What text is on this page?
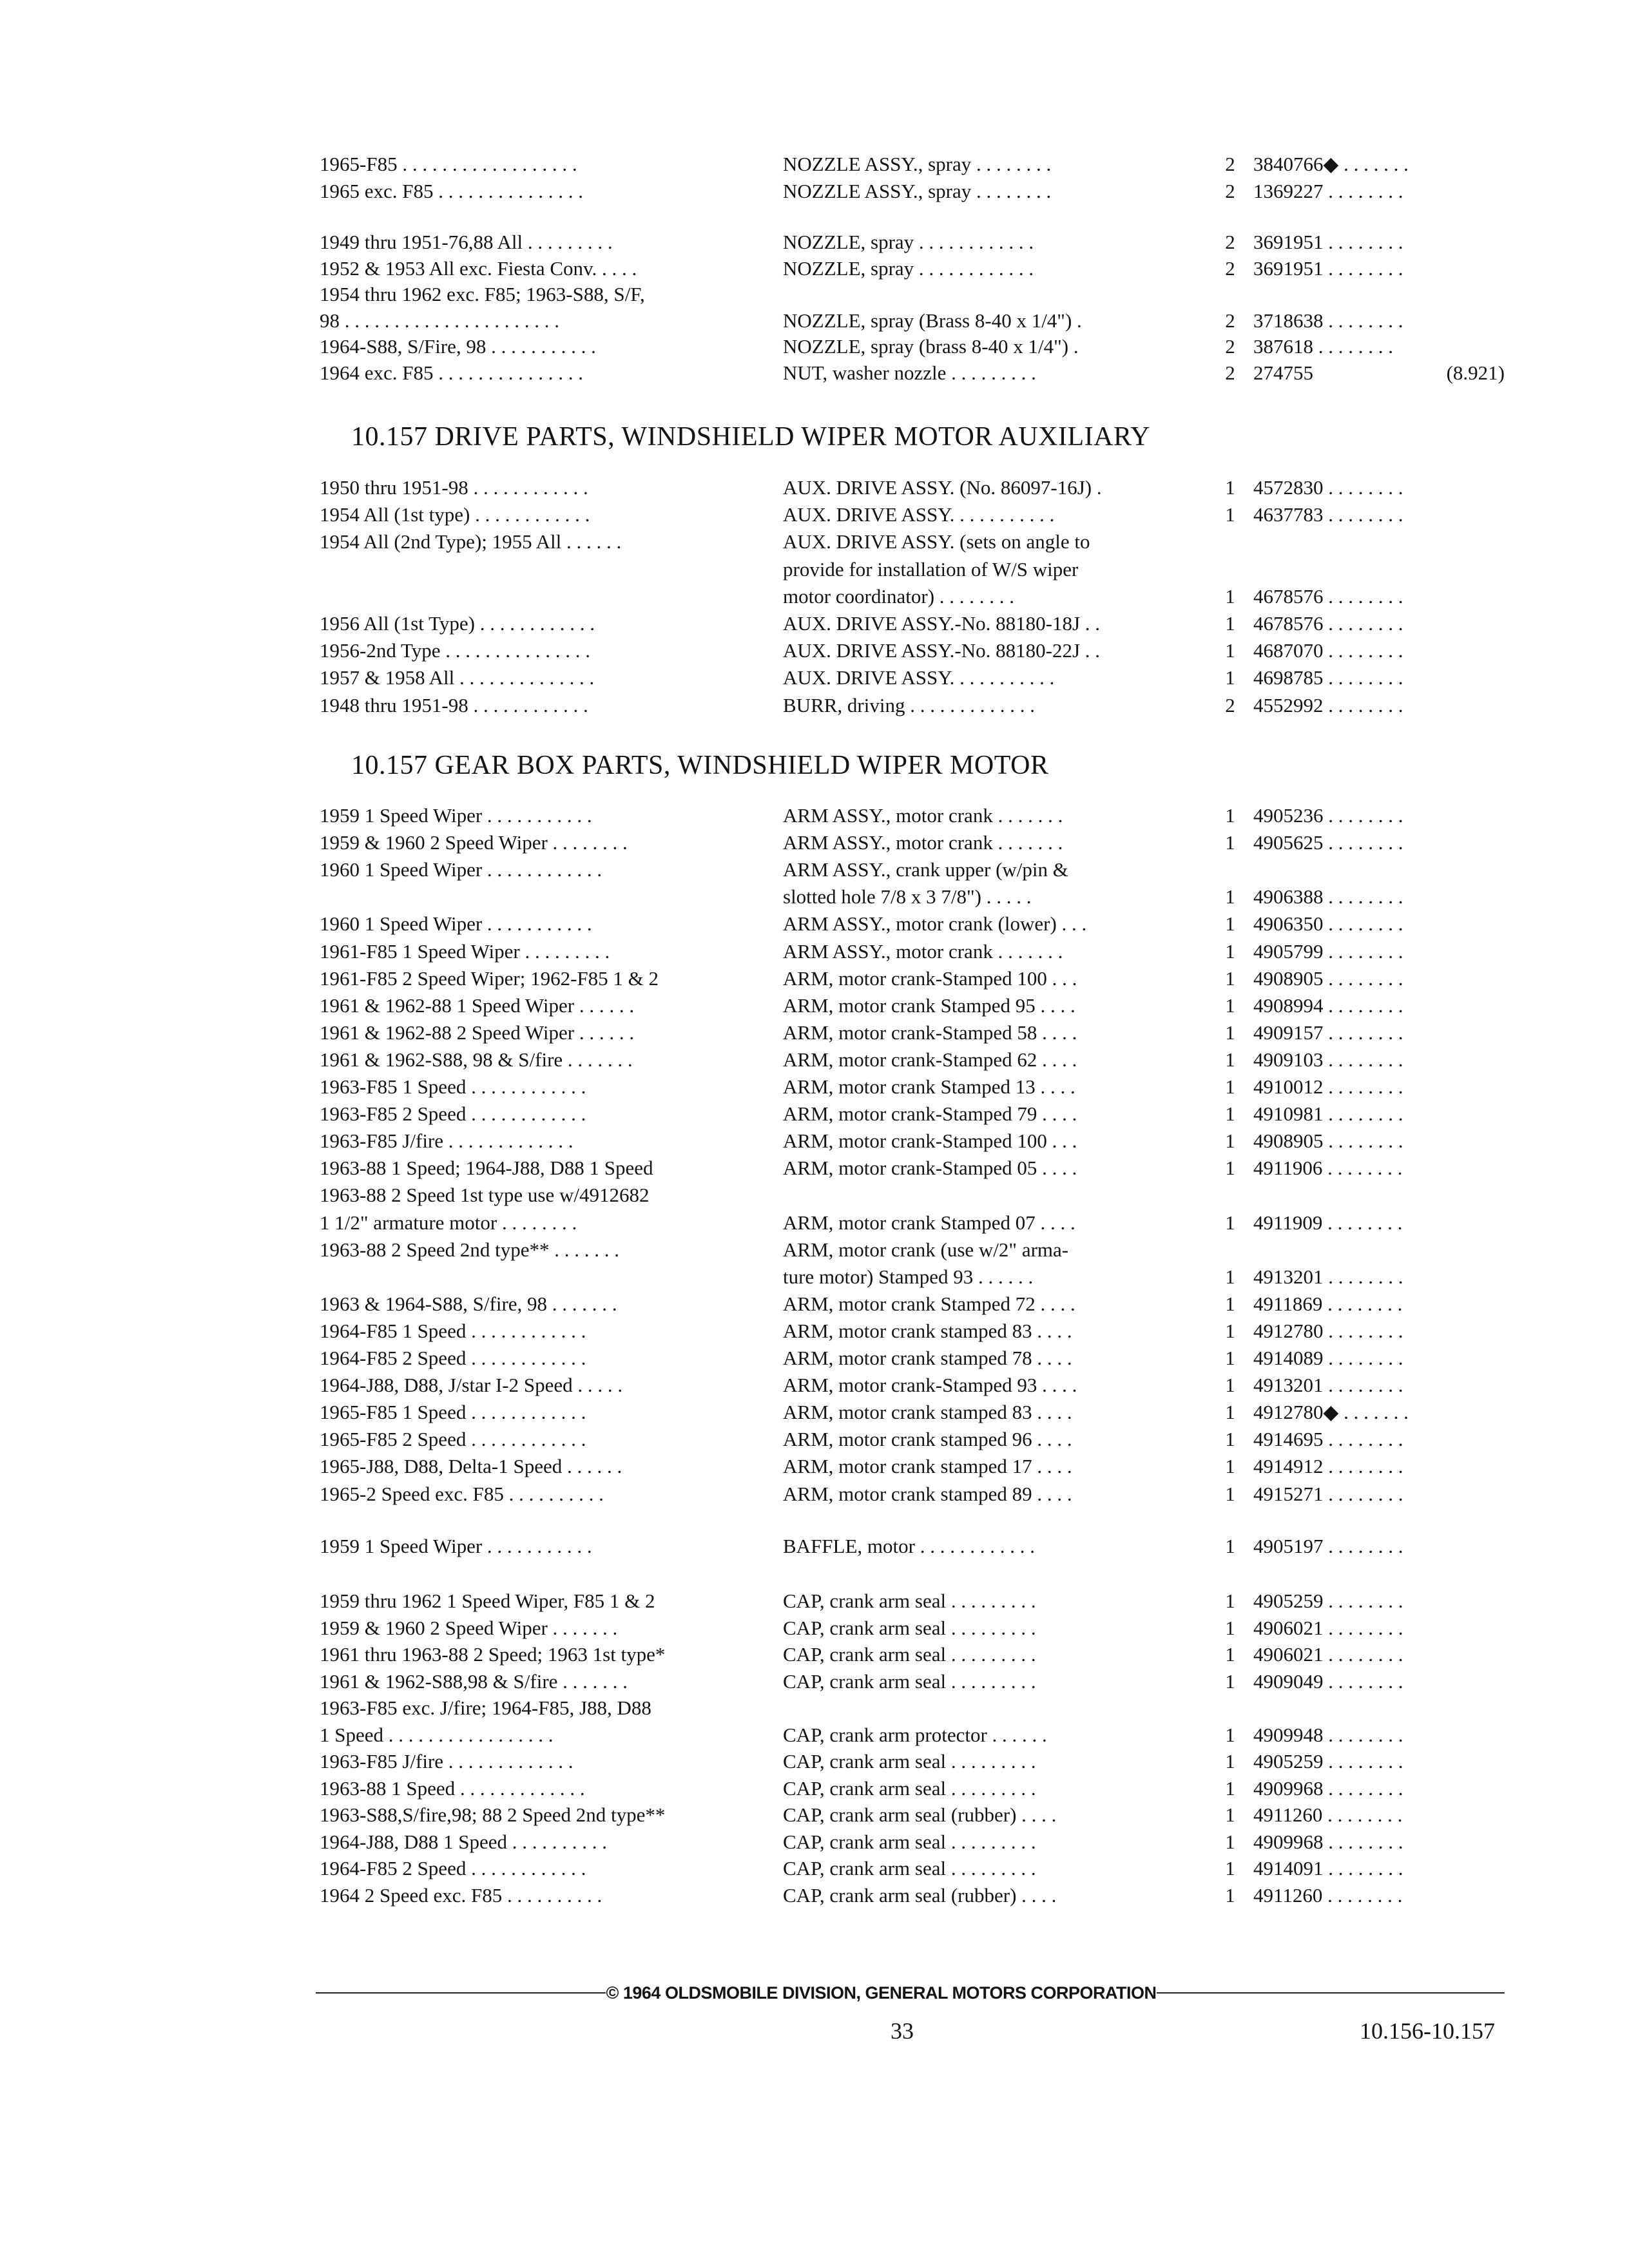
1965-F85 . . . . . . . . . . . . . . . . . .	NOZZLE ASSY., spray . . . . . . . .	2 3840766◆ . . . . . . .
1965 exc. F85 . . . . . . . . . . . . . . .	NOZZLE ASSY., spray . . . . . . . .	2 1369227 . . . . . . . .
1949 thru 1951-76,88 All . . . . . . . . .	NOZZLE, spray . . . . . . . . . . . .	2 3691951 . . . . . . . .
1952 & 1953 All exc. Fiesta Conv. . . . .	NOZZLE, spray . . . . . . . . . . . .	2 3691951 . . . . . . . .
1954 thru 1962 exc. F85; 1963-S88, S/F,
98 . . . . . . . . . . . . . . . . . . . . . .	NOZZLE, spray (Brass 8-40 x 1/4") .	2 3718638 . . . . . . . .
1964-S88, S/Fire, 98 . . . . . . . . . . .	NOZZLE, spray (brass 8-40 x 1/4") .	2 387618 . . . . . . . .
1964 exc. F85 . . . . . . . . . . . . . . .	NUT, washer nozzle . . . . . . . . .	2 274755	(8.921)
10.157 DRIVE PARTS, WINDSHIELD WIPER MOTOR AUXILIARY
1950 thru 1951-98 . . . . . . . . . . . .	AUX. DRIVE ASSY. (No. 86097-16J) .	1 4572830 . . . . . . . .
1954 All (1st type) . . . . . . . . . . . .	AUX. DRIVE ASSY. . . . . . . . . . .	1 4637783 . . . . . . . .
1954 All (2nd Type); 1955 All . . . . . .	AUX. DRIVE ASSY. (sets on angle to
provide for installation of W/S wiper
motor coordinator) . . . . . . . .	1 4678576 . . . . . . . .
1956 All (1st Type) . . . . . . . . . . . .	AUX. DRIVE ASSY.-No. 88180-18J . .	1 4678576 . . . . . . . .
1956-2nd Type . . . . . . . . . . . . . . .	AUX. DRIVE ASSY.-No. 88180-22J . .	1 4687070 . . . . . . . .
1957 & 1958 All . . . . . . . . . . . . . .	AUX. DRIVE ASSY. . . . . . . . . . .	1 4698785 . . . . . . . .
1948 thru 1951-98 . . . . . . . . . . . .	BURR, driving . . . . . . . . . . . . .	2 4552992 . . . . . . . .
10.157 GEAR BOX PARTS, WINDSHIELD WIPER MOTOR
1959 1 Speed Wiper . . . . . . . . . . .	ARM ASSY., motor crank . . . . . . .	1 4905236 . . . . . . . .
1959 & 1960 2 Speed Wiper . . . . . . . .	ARM ASSY., motor crank . . . . . . .	1 4905625 . . . . . . . .
1960 1 Speed Wiper . . . . . . . . . . . .	ARM ASSY., crank upper (w/pin &
slotted hole 7/8 x 3 7/8") . . . . .	1 4906388 . . . . . . . .
1960 1 Speed Wiper . . . . . . . . . . .	ARM ASSY., motor crank (lower) . . .	1 4906350 . . . . . . . .
1961-F85 1 Speed Wiper . . . . . . . . .	ARM ASSY., motor crank . . . . . . .	1 4905799 . . . . . . . .
1961-F85 2 Speed Wiper; 1962-F85 1 & 2	ARM, motor crank-Stamped 100 . . .	1 4908905 . . . . . . . .
1961 & 1962-88 1 Speed Wiper . . . . . .	ARM, motor crank Stamped 95 . . . .	1 4908994 . . . . . . . .
1961 & 1962-88 2 Speed Wiper . . . . . .	ARM, motor crank-Stamped 58 . . . .	1 4909157 . . . . . . . .
1961 & 1962-S88, 98 & S/fire . . . . . . .	ARM, motor crank-Stamped 62 . . . .	1 4909103 . . . . . . . .
1963-F85 1 Speed . . . . . . . . . . . .	ARM, motor crank Stamped 13 . . . .	1 4910012 . . . . . . . .
1963-F85 2 Speed . . . . . . . . . . . .	ARM, motor crank-Stamped 79 . . . .	1 4910981 . . . . . . . .
1963-F85 J/fire . . . . . . . . . . . . .	ARM, motor crank-Stamped 100 . . .	1 4908905 . . . . . . . .
1963-88 1 Speed; 1964-J88, D88 1 Speed	ARM, motor crank-Stamped 05 . . . .	1 4911906 . . . . . . . .
1963-88 2 Speed 1st type use w/4912682
1 1/2" armature motor . . . . . . . .	ARM, motor crank Stamped 07 . . . .	1 4911909 . . . . . . . .
1963-88 2 Speed 2nd type** . . . . . . .	ARM, motor crank (use w/2" arma-
ture motor) Stamped 93 . . . . . .	1 4913201 . . . . . . . .
1963 & 1964-S88, S/fire, 98 . . . . . . .	ARM, motor crank Stamped 72 . . . .	1 4911869 . . . . . . . .
1964-F85 1 Speed . . . . . . . . . . . .	ARM, motor crank stamped 83 . . . .	1 4912780 . . . . . . . .
1964-F85 2 Speed . . . . . . . . . . . .	ARM, motor crank stamped 78 . . . .	1 4914089 . . . . . . . .
1964-J88, D88, J/star I-2 Speed . . . . .	ARM, motor crank-Stamped 93 . . . .	1 4913201 . . . . . . . .
1965-F85 1 Speed . . . . . . . . . . . .	ARM, motor crank stamped 83 . . . .	1 4912780◆ . . . . . . .
1965-F85 2 Speed . . . . . . . . . . . .	ARM, motor crank stamped 96 . . . .	1 4914695 . . . . . . . .
1965-J88, D88, Delta-1 Speed . . . . . .	ARM, motor crank stamped 17 . . . .	1 4914912 . . . . . . . .
1965-2 Speed exc. F85 . . . . . . . . . .	ARM, motor crank stamped 89 . . . .	1 4915271 . . . . . . . .
1959 1 Speed Wiper . . . . . . . . . . .	BAFFLE, motor . . . . . . . . . . . .	1 4905197 . . . . . . . .
1959 thru 1962 1 Speed Wiper, F85 1 & 2	CAP, crank arm seal . . . . . . . . .	1 4905259 . . . . . . . .
1959 & 1960 2 Speed Wiper . . . . . . .	CAP, crank arm seal . . . . . . . . .	1 4906021 . . . . . . . .
1961 thru 1963-88 2 Speed; 1963 1st type*	CAP, crank arm seal . . . . . . . . .	1 4906021 . . . . . . . .
1961 & 1962-S88,98 & S/fire . . . . . . .	CAP, crank arm seal . . . . . . . . .	1 4909049 . . . . . . . .
1963-F85 exc. J/fire; 1964-F85, J88, D88
1 Speed . . . . . . . . . . . . . . . . .	CAP, crank arm protector . . . . . .	1 4909948 . . . . . . . .
1963-F85 J/fire . . . . . . . . . . . . .	CAP, crank arm seal . . . . . . . . .	1 4905259 . . . . . . . .
1963-88 1 Speed . . . . . . . . . . . . .	CAP, crank arm seal . . . . . . . . .	1 4909968 . . . . . . . .
1963-S88,S/fire,98; 88 2 Speed 2nd type**	CAP, crank arm seal (rubber) . . . .	1 4911260 . . . . . . . .
1964-J88, D88 1 Speed . . . . . . . . . .	CAP, crank arm seal . . . . . . . . .	1 4909968 . . . . . . . .
1964-F85 2 Speed . . . . . . . . . . . .	CAP, crank arm seal . . . . . . . . .	1 4914091 . . . . . . . .
1964 2 Speed exc. F85 . . . . . . . . . .	CAP, crank arm seal (rubber) . . . .	1 4911260 . . . . . . . .
© 1964 OLDSMOBILE DIVISION, GENERAL MOTORS CORPORATION
33	10.156-10.157
